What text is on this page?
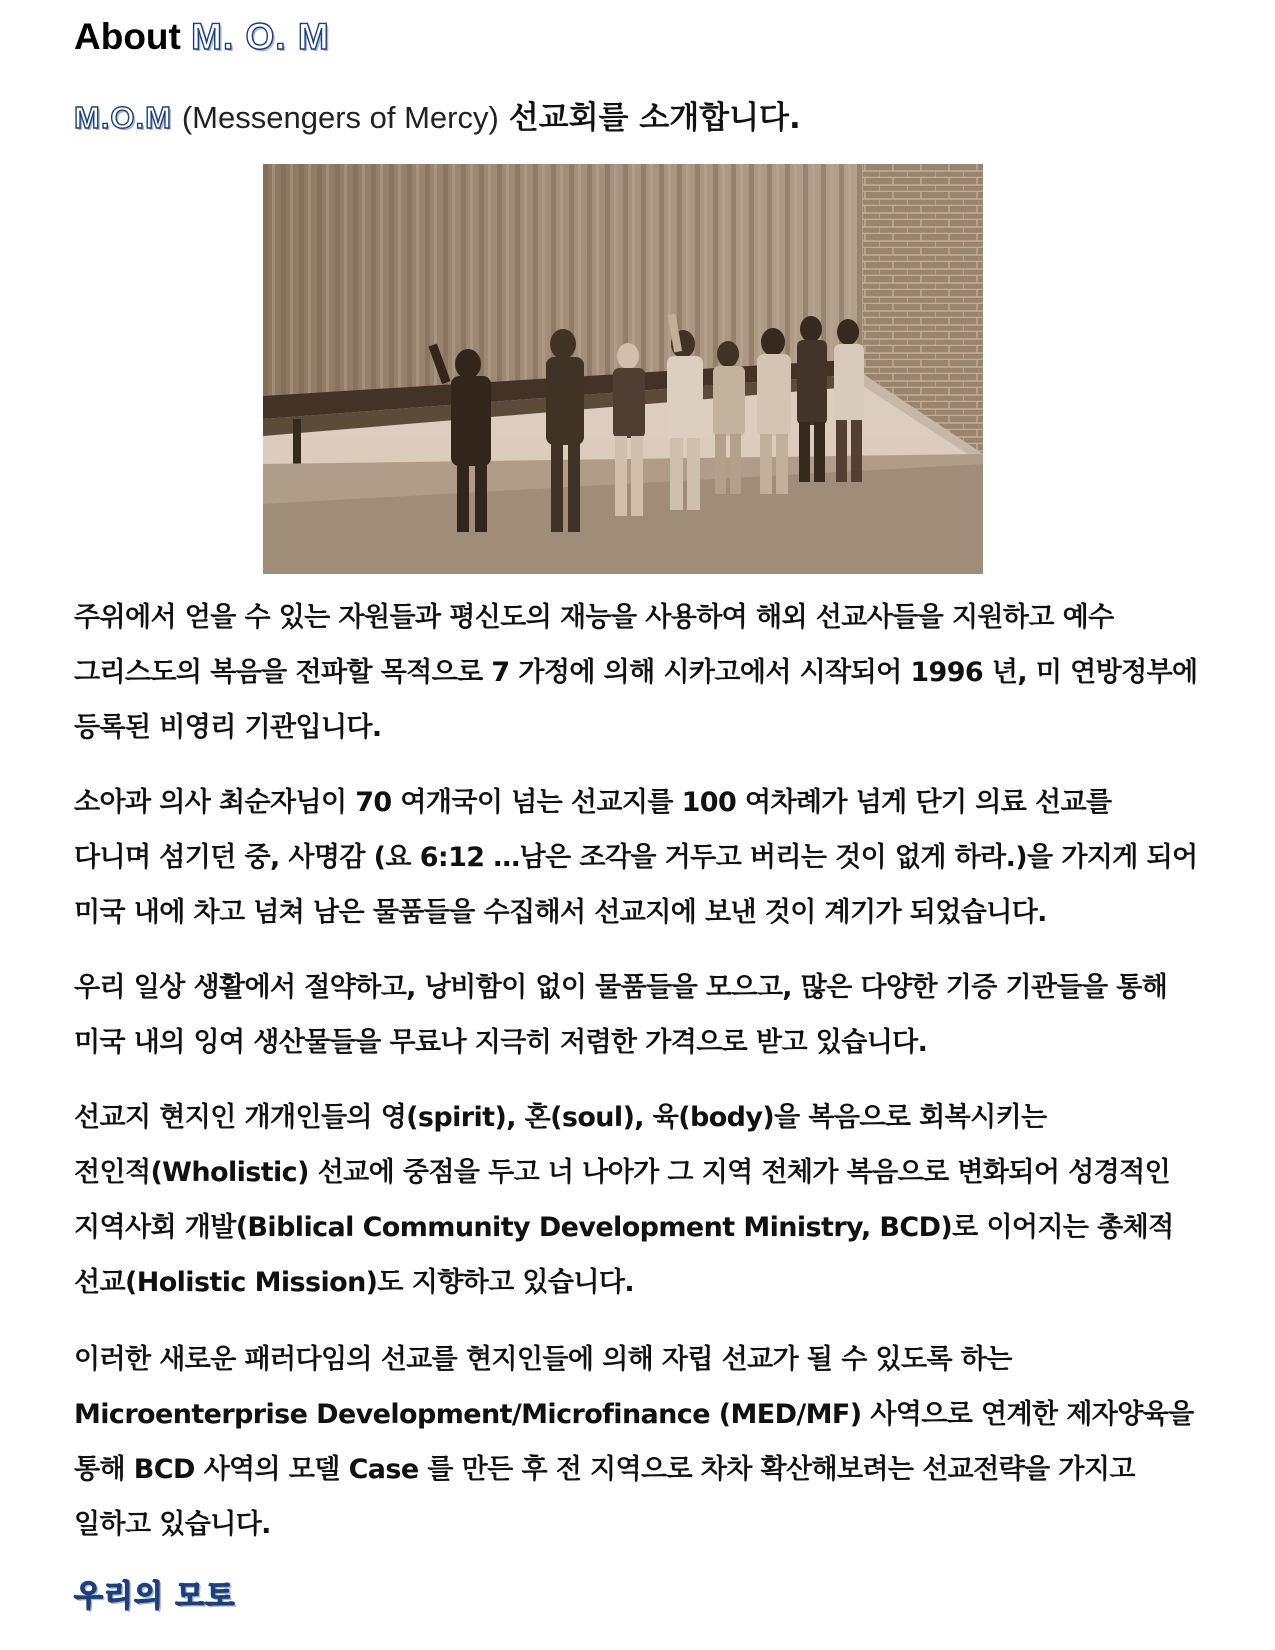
About M. O. M

M.O.M (Messengers of Mercy) 선교회를 소개합니다.

주위에서 얻을 수 있는 자원들과 평신도의 재능을 사용하여 해외 선교사들을 지원하고 예수
그리스도의 복음을 전파할 목적으로 7 가정에 의해 시카고에서 시작되어 1996 년, 미 연방정부에
등록된 비영리 기관입니다.
소아과 의사 최순자님이 70 여개국이 넘는 선교지를 100 여차례가 넘게 단기 의료 선교를
다니며 섬기던 중, 사명감 (요 6:12 …남은 조각을 거두고 버리는 것이 없게 하라.)을 가지게 되어
미국 내에 차고 넘쳐 남은 물품들을 수집해서 선교지에 보낸 것이 계기가 되었습니다.
우리 일상 생활에서 절약하고, 낭비함이 없이 물품들을 모으고, 많은 다양한 기증 기관들을 통해
미국 내의 잉여 생산물들을 무료나 지극히 저렴한 가격으로 받고 있습니다.
선교지 현지인 개개인들의 영(spirit), 혼(soul), 육(body)을 복음으로 회복시키는
전인적(Wholistic) 선교에 중점을 두고 너 나아가 그 지역 전체가 복음으로 변화되어 성경적인
지역사회 개발(Biblical Community Development Ministry, BCD)로 이어지는 총체적
선교(Holistic Mission)도 지향하고 있습니다.
이러한 새로운 패러다임의 선교를 현지인들에 의해 자립 선교가 될 수 있도록 하는
Microenterprise Development/Microfinance (MED/MF) 사역으로 연계한 제자양육을
통해 BCD 사역의 모델 Case 를 만든 후 전 지역으로 차차 확산해보려는 선교전략을 가지고
일하고 있습니다.
우리의 모토
